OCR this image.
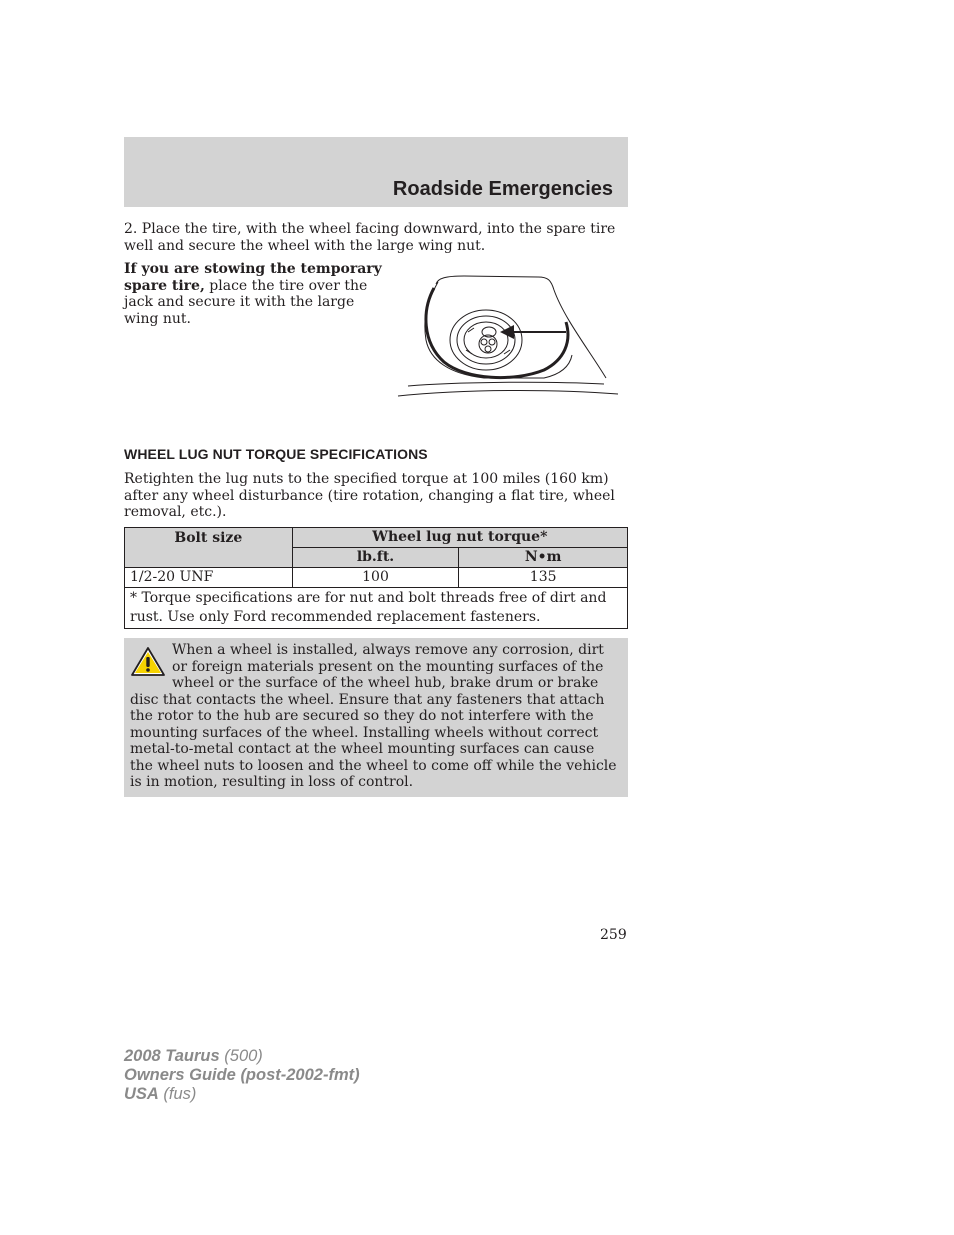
Roadside Emergencies
2. Place the tire, with the wheel facing downward, into the spare tire well and secure the wheel with the large wing nut.
If you are stowing the temporary spare tire, place the tire over the jack and secure it with the large wing nut.
WHEEL LUG NUT TORQUE SPECIFICATIONS
Retighten the lug nuts to the specified torque at 100 miles (160 km) after any wheel disturbance (tire rotation, changing a flat tire, wheel removal, etc.).
Bolt size	Wheel lug nut torque*	
	lb.ft.	N•m
1/2-20 UNF	100	135
* Torque specifications are for nut and bolt threads free of dirt and rust. Use only Ford recommended replacement fasteners.		
When a wheel is installed, always remove any corrosion, dirt or foreign materials present on the mounting surfaces of the wheel or the surface of the wheel hub, brake drum or brake disc that contacts the wheel. Ensure that any fasteners that attach the rotor to the hub are secured so they do not interfere with the mounting surfaces of the wheel. Installing wheels without correct metal-to-metal contact at the wheel mounting surfaces can cause the wheel nuts to loosen and the wheel to come off while the vehicle is in motion, resulting in loss of control.
259
2008 Taurus (500)
Owners Guide (post-2002-fmt)
USA (fus)
